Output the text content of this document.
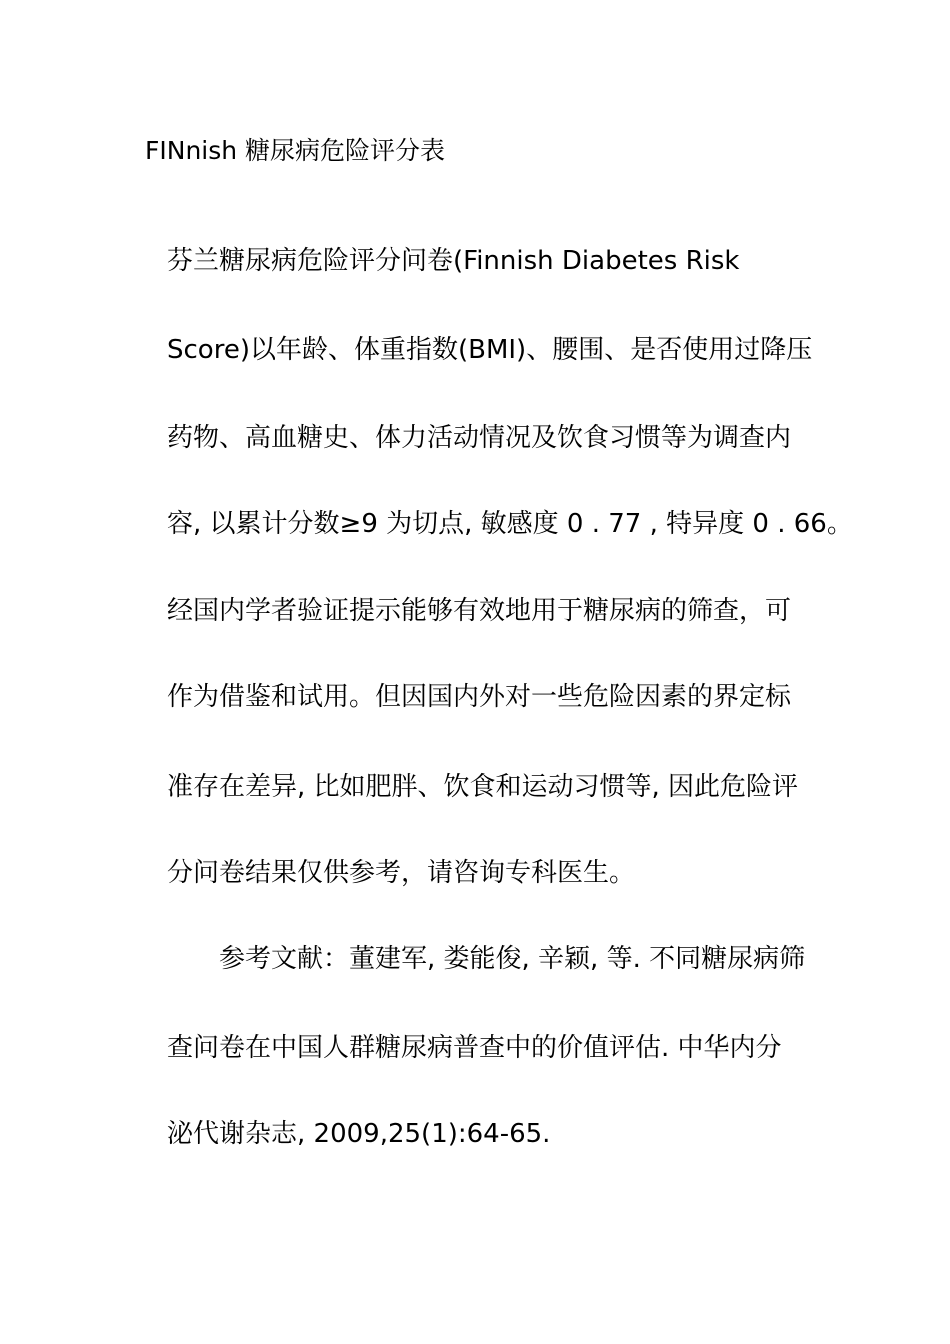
FINnish 糖尿病危险评分表
芬兰糖尿病危险评分问卷(Finnish Diabetes Risk
Score)以年龄、体重指数(BMI)、腰围、是否使用过降压
药物、高血糖史、体力活动情况及饮食习惯等为调查内
容, 以累计分数≥9 为切点, 敏感度 0 . 77 , 特异度 0 . 66。
经国内学者验证提示能够有效地用于糖尿病的筛查，可
作为借鉴和试用。但因国内外对一些危险因素的界定标
准存在差异, 比如肥胖、饮食和运动习惯等, 因此危险评
分问卷结果仅供参考，请咨询专科医生。
参考文献：董建军, 娄能俊, 辛颖, 等. 不同糖尿病筛
查问卷在中国人群糖尿病普查中的价值评估. 中华内分
泌代谢杂志, 2009,25(1):64-65.
